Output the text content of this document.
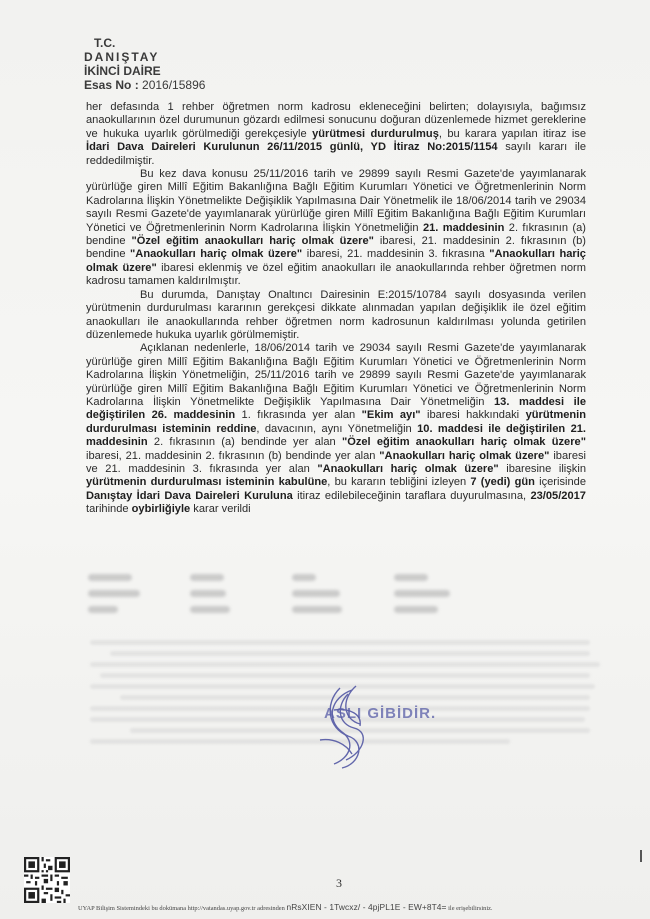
T.C.
DANIŞTAY
İKİNCİ DAİRE
Esas No : 2016/15896

her defasında 1 rehber öğretmen norm kadrosu ekleneceğini belirten; dolayısıyla, bağımsız anaokullarının özel durumunun gözardı edilmesi sonucunu doğuran düzenlemede hizmet gereklerine ve hukuka uyarlık görülmediği gerekçesiyle yürütmesi durdurulmuş, bu karara yapılan itiraz ise İdari Dava Daireleri Kurulunun 26/11/2015 günlü, YD İtiraz No:2015/1154 sayılı kararı ile reddedilmiştir.

Bu kez dava konusu 25/11/2016 tarih ve 29899 sayılı Resmi Gazete'de yayımlanarak yürürlüğe giren Millî Eğitim Bakanlığına Bağlı Eğitim Kurumları Yönetici ve Öğretmenlerinin Norm Kadrolarına İlişkin Yönetmelikte Değişiklik Yapılmasına Dair Yönetmelik ile 18/06/2014 tarih ve 29034 sayılı Resmi Gazete'de yayımlanarak yürürlüğe giren Millî Eğitim Bakanlığına Bağlı Eğitim Kurumları Yönetici ve Öğretmenlerinin Norm Kadrolarına İlişkin Yönetmeliğin 21. maddesinin 2. fıkrasının (a) bendine "Özel eğitim anaokulları hariç olmak üzere" ibaresi, 21. maddesinin 2. fıkrasının (b) bendine "Anaokulları hariç olmak üzere" ibaresi, 21. maddesinin 3. fıkrasına "Anaokulları hariç olmak üzere" ibaresi eklenmiş ve özel eğitim anaokulları ile anaokullarında rehber öğretmen norm kadrosu tamamen kaldırılmıştır.

Bu durumda, Danıştay Onaltıncı Dairesinin E:2015/10784 sayılı dosyasında verilen yürütmenin durdurulması kararının gerekçesi dikkate alınmadan yapılan değişiklik ile özel eğitim anaokulları ile anaokullarında rehber öğretmen norm kadrosunun kaldırılması yolunda getirilen düzenlemede hukuka uyarlık görülmemiştir.

Açıklanan nedenlerle, 18/06/2014 tarih ve 29034 sayılı Resmi Gazete'de yayımlanarak yürürlüğe giren Millî Eğitim Bakanlığına Bağlı Eğitim Kurumları Yönetici ve Öğretmenlerinin Norm Kadrolarına İlişkin Yönetmeliğin, 25/11/2016 tarih ve 29899 sayılı Resmi Gazete'de yayımlanarak yürürlüğe giren Millî Eğitim Bakanlığına Bağlı Eğitim Kurumları Yönetici ve Öğretmenlerinin Norm Kadrolarına İlişkin Yönetmelikte Değişiklik Yapılmasına Dair Yönetmeliğin 13. maddesi ile değiştirilen 26. maddesinin 1. fıkrasında yer alan "Ekim ayı" ibaresi hakkındaki yürütmenin durdurulması isteminin reddine, davacının, aynı Yönetmeliğin 10. maddesi ile değiştirilen 21. maddesinin 2. fıkrasının (a) bendinde yer alan "Özel eğitim anaokulları hariç olmak üzere" ibaresi, 21. maddesinin 2. fıkrasının (b) bendinde yer alan "Anaokulları hariç olmak üzere" ibaresi ve 21. maddesinin 3. fıkrasında yer alan "Anaokulları hariç olmak üzere" ibaresine ilişkin yürütmenin durdurulması isteminin kabulüne, bu kararın tebliğini izleyen 7 (yedi) gün içerisinde Danıştay İdari Dava Daireleri Kuruluna itiraz edilebileceğinin taraflara duyurulmasına, 23/05/2017 tarihinde oybirliğiyle karar verildi

ASLI GİBİDİR.
3
UYAP Bilişim Sistemindeki bu dokümana http://vatandas.uyap.gov.tr adresinden nRsXIEN - 1Twcxz/ - 4pjPL1E - EW+8T4= ile erişebilirsiniz.
